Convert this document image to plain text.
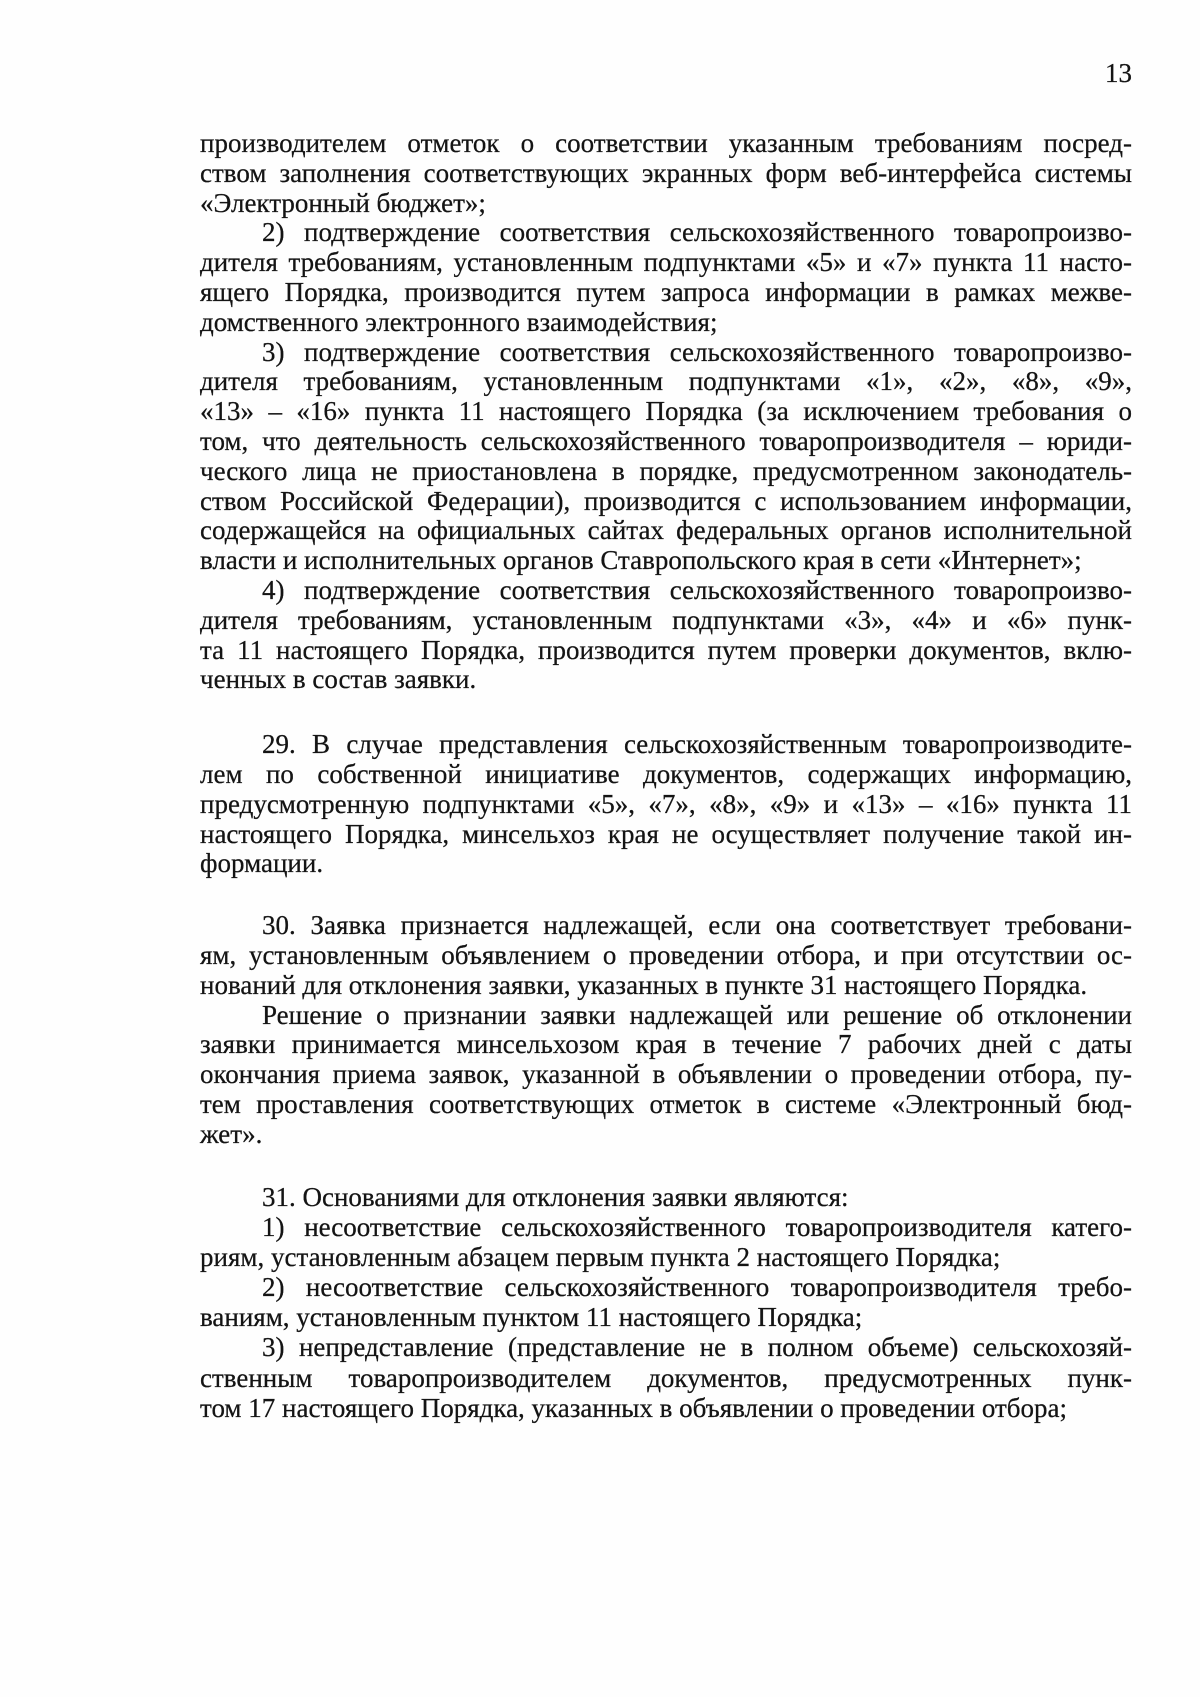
13
производителем отметок о соответствии указанным требованиям посред-
ством заполнения соответствующих экранных форм веб-интерфейса системы
«Электронный бюджет»;
2) подтверждение соответствия сельскохозяйственного товаропроизво-
дителя требованиям, установленным подпунктами «5» и «7» пункта 11 насто-
ящего Порядка, производится путем запроса информации в рамках межве-
домственного электронного взаимодействия;
3) подтверждение соответствия сельскохозяйственного товаропроизво-
дителя требованиям, установленным подпунктами «1», «2», «8», «9»,
«13» – «16» пункта 11 настоящего Порядка (за исключением требования о
том, что деятельность сельскохозяйственного товаропроизводителя – юриди-
ческого лица не приостановлена в порядке, предусмотренном законодатель-
ством Российской Федерации), производится с использованием информации,
содержащейся на официальных сайтах федеральных органов исполнительной
власти и исполнительных органов Ставропольского края в сети «Интернет»;
4) подтверждение соответствия сельскохозяйственного товаропроизво-
дителя требованиям, установленным подпунктами «3», «4» и «6» пунк-
та 11 настоящего Порядка, производится путем проверки документов, вклю-
ченных в состав заявки.
29. В случае представления сельскохозяйственным товаропроизводите-
лем по собственной инициативе документов, содержащих информацию,
предусмотренную подпунктами «5», «7», «8», «9» и «13» – «16» пункта 11
настоящего Порядка, минсельхоз края не осуществляет получение такой ин-
формации.
30. Заявка признается надлежащей, если она соответствует требовани-
ям, установленным объявлением о проведении отбора, и при отсутствии ос-
нований для отклонения заявки, указанных в пункте 31 настоящего Порядка.
Решение о признании заявки надлежащей или решение об отклонении
заявки принимается минсельхозом края в течение 7 рабочих дней с даты
окончания приема заявок, указанной в объявлении о проведении отбора, пу-
тем проставления соответствующих отметок в системе «Электронный бюд-
жет».
31. Основаниями для отклонения заявки являются:
1) несоответствие сельскохозяйственного товаропроизводителя катего-
риям, установленным абзацем первым пункта 2 настоящего Порядка;
2) несоответствие сельскохозяйственного товаропроизводителя требо-
ваниям, установленным пунктом 11 настоящего Порядка;
3) непредставление (представление не в полном объеме) сельскохозяй-
ственным товаропроизводителем документов, предусмотренных пунк-
том 17 настоящего Порядка, указанных в объявлении о проведении отбора;
